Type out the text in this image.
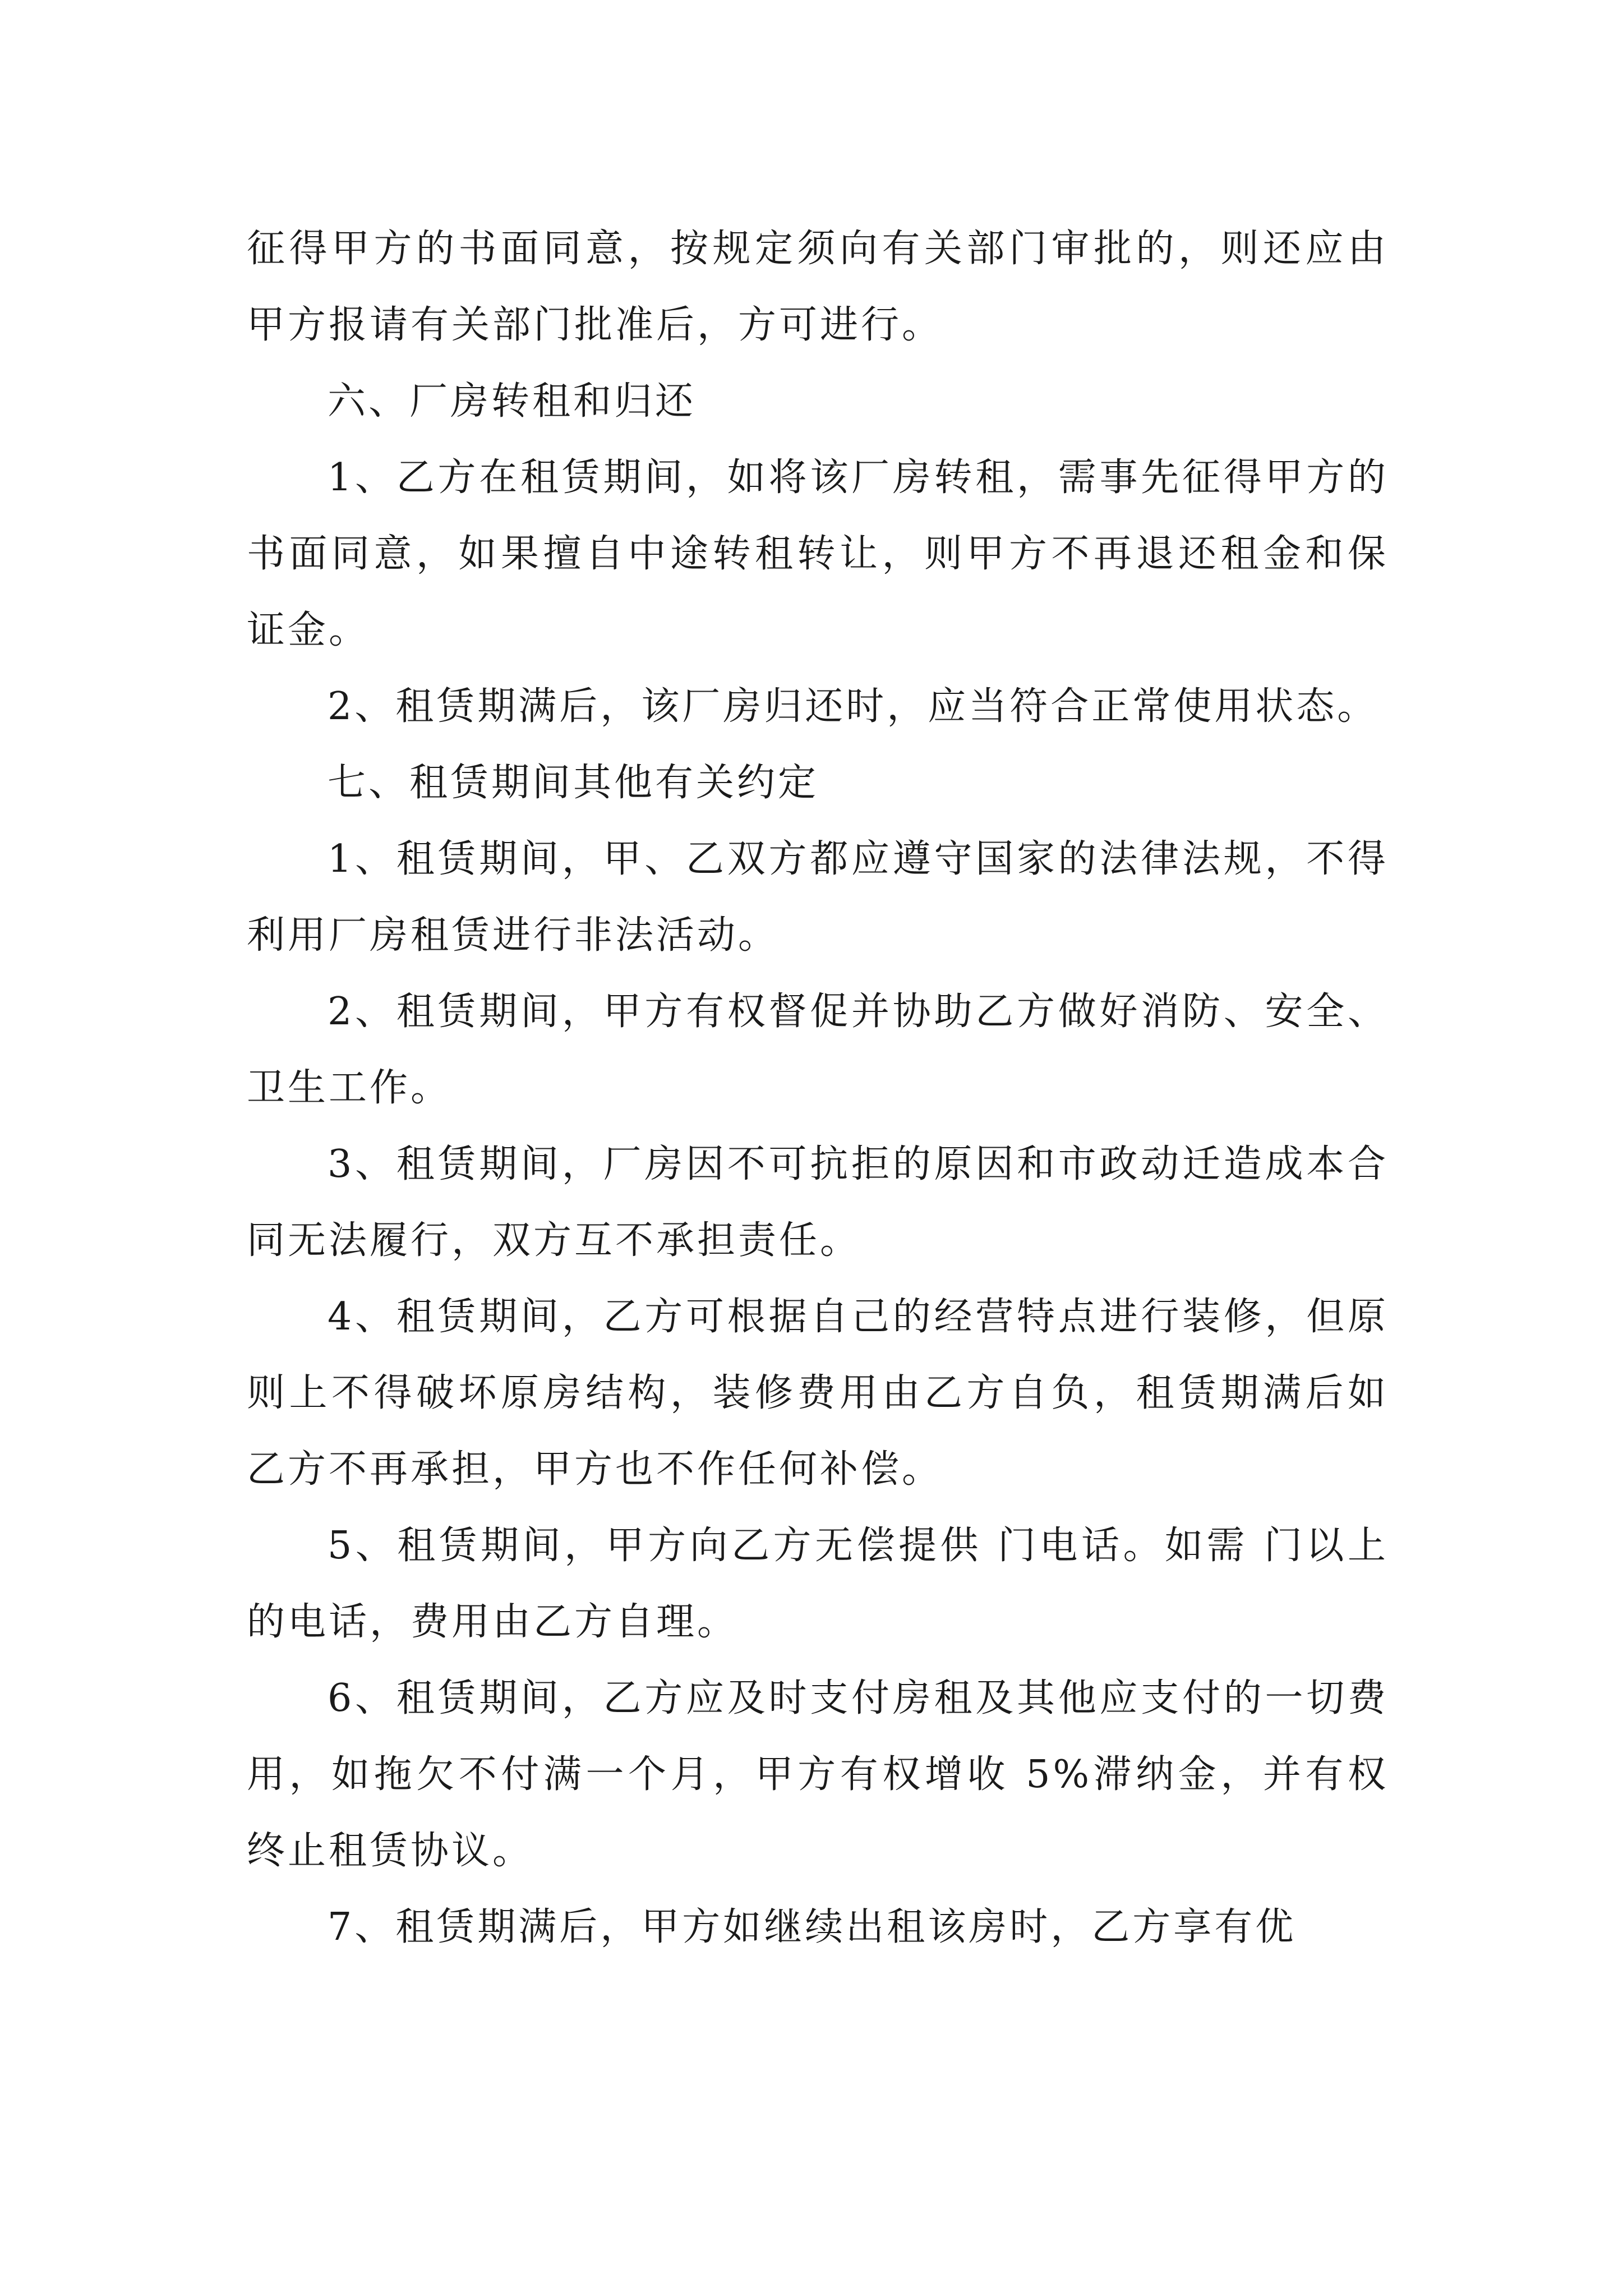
征得甲方的书面同意，按规定须向有关部门审批的，则还应由甲方报请有关部门批准后，方可进行。

六、厂房转租和归还

1、乙方在租赁期间，如将该厂房转租，需事先征得甲方的书面同意，如果擅自中途转租转让，则甲方不再退还租金和保证金。

2、租赁期满后，该厂房归还时，应当符合正常使用状态。

七、租赁期间其他有关约定

1、租赁期间，甲、乙双方都应遵守国家的法律法规，不得利用厂房租赁进行非法活动。

2、租赁期间，甲方有权督促并协助乙方做好消防、安全、卫生工作。

3、租赁期间，厂房因不可抗拒的原因和市政动迁造成本合同无法履行，双方互不承担责任。

4、租赁期间，乙方可根据自己的经营特点进行装修，但原则上不得破坏原房结构，装修费用由乙方自负，租赁期满后如乙方不再承担，甲方也不作任何补偿。

5、租赁期间，甲方向乙方无偿提供 门电话。如需 门以上的电话，费用由乙方自理。

6、租赁期间，乙方应及时支付房租及其他应支付的一切费用，如拖欠不付满一个月，甲方有权增收 5%滞纳金，并有权终止租赁协议。

7、租赁期满后，甲方如继续出租该房时，乙方享有优
